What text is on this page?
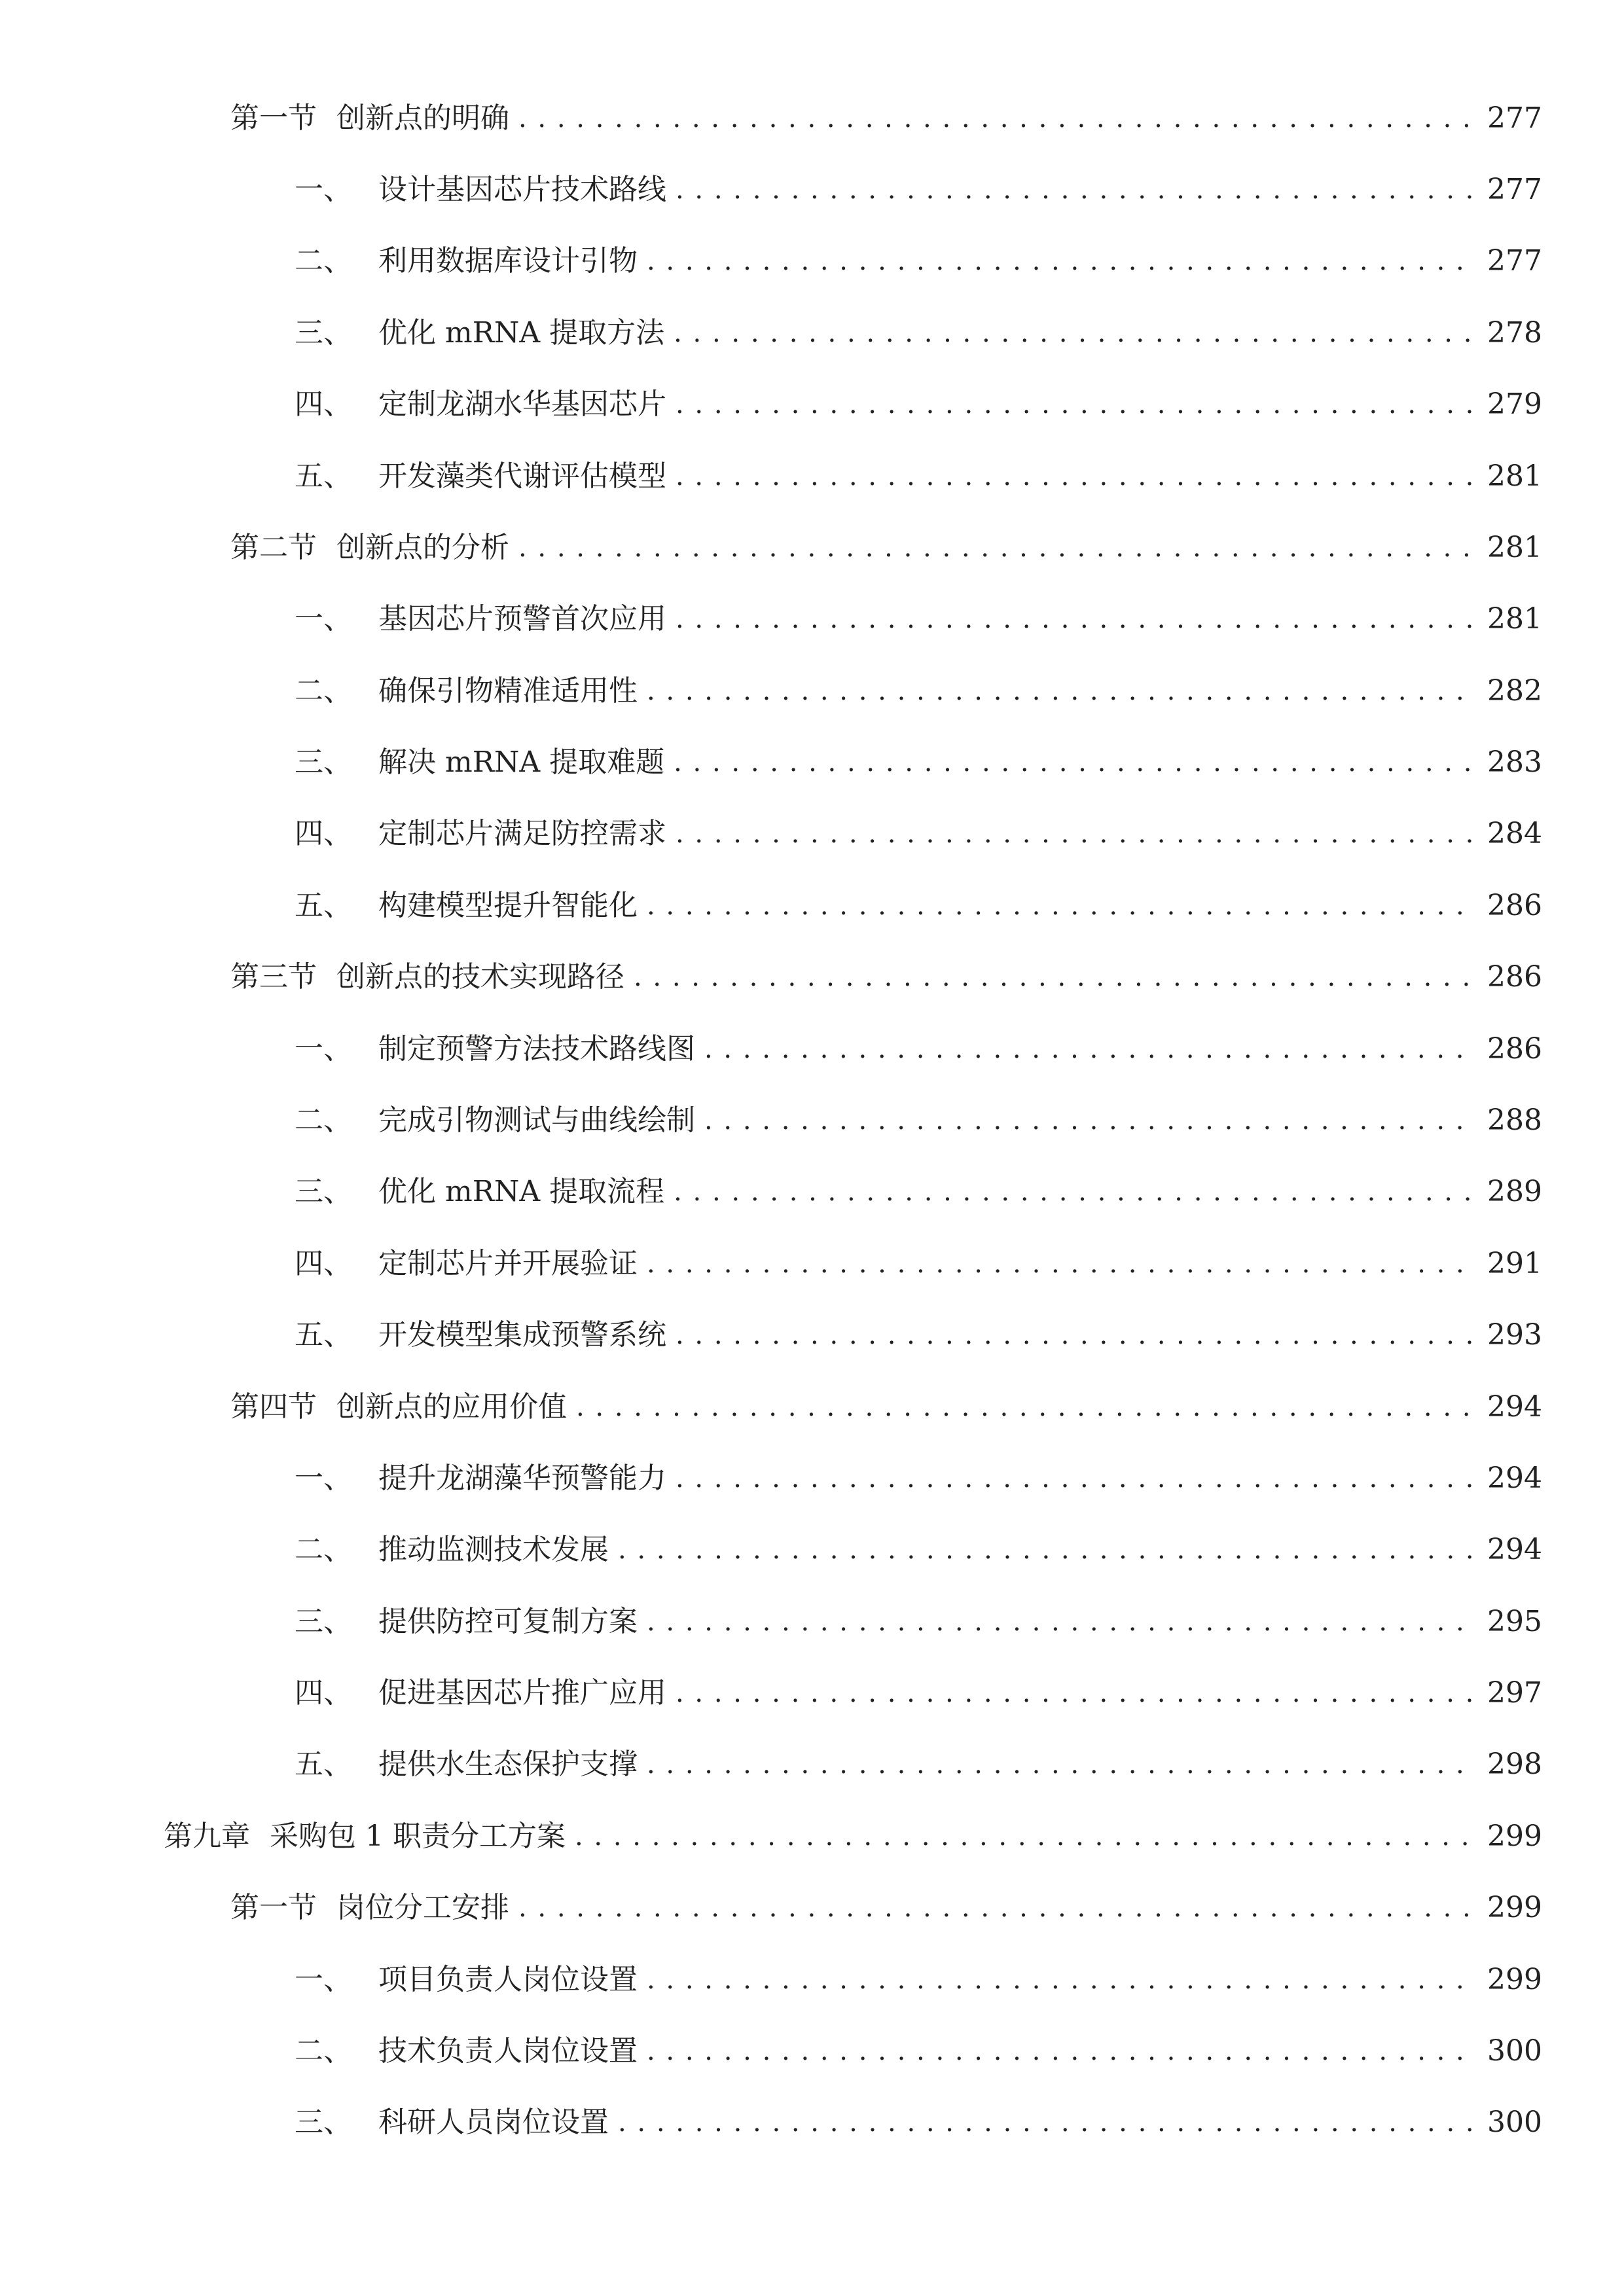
第一节 创新点的明确 . . .	277
一、 设计基因芯片技术路线 . . .	277
二、 利用数据库设计引物 . . .	277
三、 优化 mRNA 提取方法 . . .	278
四、 定制龙湖水华基因芯片 . . .	279
五、 开发藻类代谢评估模型 . . .	281
第二节 创新点的分析 . . .	281
一、 基因芯片预警首次应用 . . .	281
二、 确保引物精准适用性 . . .	282
三、 解决 mRNA 提取难题 . . .	283
四、 定制芯片满足防控需求 . . .	284
五、 构建模型提升智能化 . . .	286
第三节 创新点的技术实现路径 . . .	286
一、 制定预警方法技术路线图 . . .	286
二、 完成引物测试与曲线绘制 . . .	288
三、 优化 mRNA 提取流程 . . .	289
四、 定制芯片并开展验证 . . .	291
五、 开发模型集成预警系统 . . .	293
第四节 创新点的应用价值 . . .	294
一、 提升龙湖藻华预警能力 . . .	294
二、 推动监测技术发展 . . .	294
三、 提供防控可复制方案 . . .	295
四、 促进基因芯片推广应用 . . .	297
五、 提供水生态保护支撑 . . .	298
第九章 采购包 1 职责分工方案 . . .	299
第一节 岗位分工安排 . . .	299
一、 项目负责人岗位设置 . . .	299
二、 技术负责人岗位设置 . . .	300
三、 科研人员岗位设置 . . .	300
